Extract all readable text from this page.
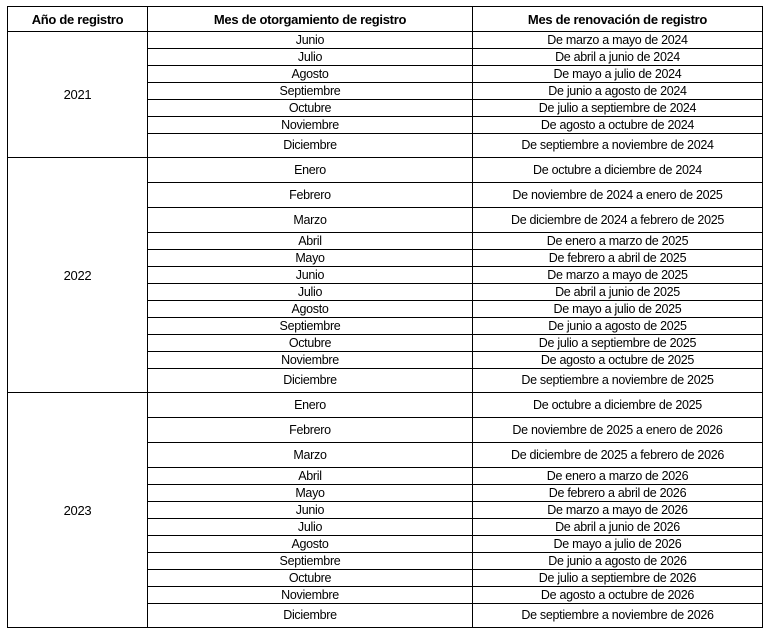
Año de registro	Mes de otorgamiento de registro	Mes de renovación de registro
2021	Junio	De marzo a mayo de 2024
	Julio	De abril a junio de 2024
	Agosto	De mayo a julio de 2024
	Septiembre	De junio a agosto de 2024
	Octubre	De julio a septiembre de 2024
	Noviembre	De agosto a octubre de 2024
	Diciembre	De septiembre a noviembre de 2024
2022	Enero	De octubre a diciembre de 2024
	Febrero	De noviembre de 2024 a enero de 2025
	Marzo	De diciembre de 2024 a febrero de 2025
	Abril	De enero a marzo de 2025
	Mayo	De febrero a abril de 2025
	Junio	De marzo a mayo de 2025
	Julio	De abril a junio de 2025
	Agosto	De mayo a julio de 2025
	Septiembre	De junio a agosto de 2025
	Octubre	De julio a septiembre de 2025
	Noviembre	De agosto a octubre de 2025
	Diciembre	De septiembre a noviembre de 2025
2023	Enero	De octubre a diciembre de 2025
	Febrero	De noviembre de 2025 a enero de 2026
	Marzo	De diciembre de 2025 a febrero de 2026
	Abril	De enero a marzo de 2026
	Mayo	De febrero a abril de 2026
	Junio	De marzo a mayo de 2026
	Julio	De abril a junio de 2026
	Agosto	De mayo a julio de 2026
	Septiembre	De junio a agosto de 2026
	Octubre	De julio a septiembre de 2026
	Noviembre	De agosto a octubre de 2026
	Diciembre	De septiembre a noviembre de 2026
